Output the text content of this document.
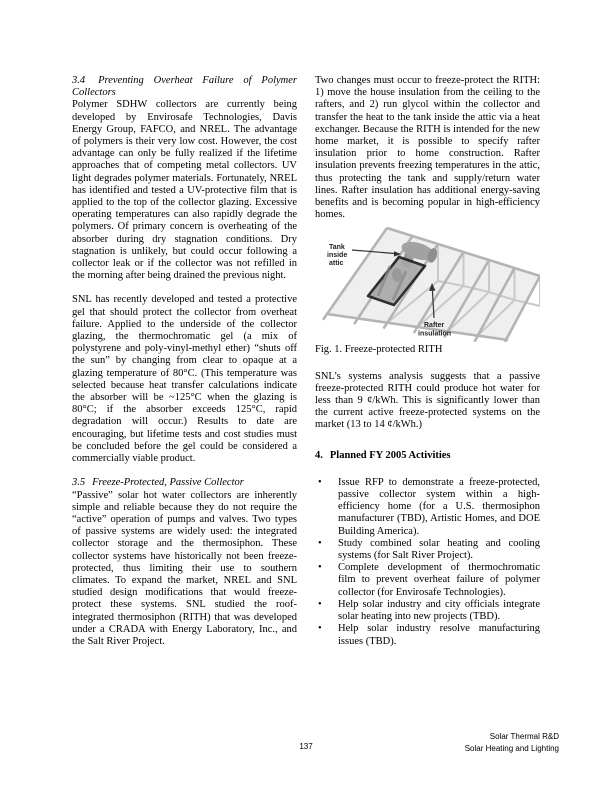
3.4 Preventing Overheat Failure of Polymer Collectors

Polymer SDHW collectors are currently being developed by Envirosafe Technologies, Davis Energy Group, FAFCO, and NREL. The advantage of polymers is their very low cost. However, the cost advantage can only be fully realized if the lifetime approaches that of competing metal collectors. UV light degrades polymer materials. Fortunately, NREL has identified and tested a UV-protective film that is applied to the top of the collector glazing. Excessive operating temperatures can also rapidly degrade the polymers. Of primary concern is overheating of the absorber during dry stagnation conditions. Dry stagnation is unlikely, but could occur following a collector leak or if the collector was not refilled in the morning after being drained the previous night.

SNL has recently developed and tested a protective gel that should protect the collector from overheat failure. Applied to the underside of the collector glazing, the thermochromatic gel (a mix of polystyrene and poly-vinyl-methyl ether) “shuts off the sun” by changing from clear to opaque at a glazing temperature of 80°C. (This temperature was selected because heat transfer calculations indicate the absorber will be ~125°C when the glazing is 80°C; if the absorber exceeds 125°C, rapid degradation will occur.) Results to date are encouraging, but lifetime tests and cost studies must be concluded before the gel could be considered a commercially viable product.

3.5 Freeze-Protected, Passive Collector

“Passive” solar hot water collectors are inherently simple and reliable because they do not require the “active” operation of pumps and valves. Two types of passive systems are widely used: the integrated collector storage and the thermosiphon. These collector systems have historically not been freeze-protected, thus limiting their use to southern climates. To expand the market, NREL and SNL studied design modifications that would freeze-protect these systems. SNL studied the roof-integrated thermosiphon (RITH) that was developed under a CRADA with Energy Laboratory, Inc., and the Salt River Project.

Two changes must occur to freeze-protect the RITH: 1) move the house insulation from the ceiling to the rafters, and 2) run glycol within the collector and transfer the heat to the tank inside the attic via a heat exchanger. Because the RITH is intended for the new home market, it is possible to specify rafter insulation prior to home construction. Rafter insulation prevents freezing temperatures in the attic, thus protecting the tank and supply/return water lines. Rafter insulation has additional energy-saving benefits and is becoming popular in high-efficiency homes.

Tank
inside
attic
Rafter
insulation
Fig. 1. Freeze-protected RITH

SNL’s systems analysis suggests that a passive freeze-protected RITH could produce hot water for less than 9 ¢/kWh. This is significantly lower than the current active freeze-protected systems on the market (13 to 14 ¢/kWh.)

4. Planned FY 2005 Activities
•	Issue RFP to demonstrate a freeze-protected, passive collector system within a high-efficiency home (for a U.S. thermosiphon manufacturer (TBD), Artistic Homes, and DOE Building America).
•	Study combined solar heating and cooling systems (for Salt River Project).
•	Complete development of thermochromatic film to prevent overheat failure of polymer collector (for Envirosafe Technologies).
•	Help solar industry and city officials integrate solar heating into new projects (TBD).
•	Help solar industry resolve manufacturing issues (TBD).
Solar Thermal R&D
Solar Heating and Lighting
137
